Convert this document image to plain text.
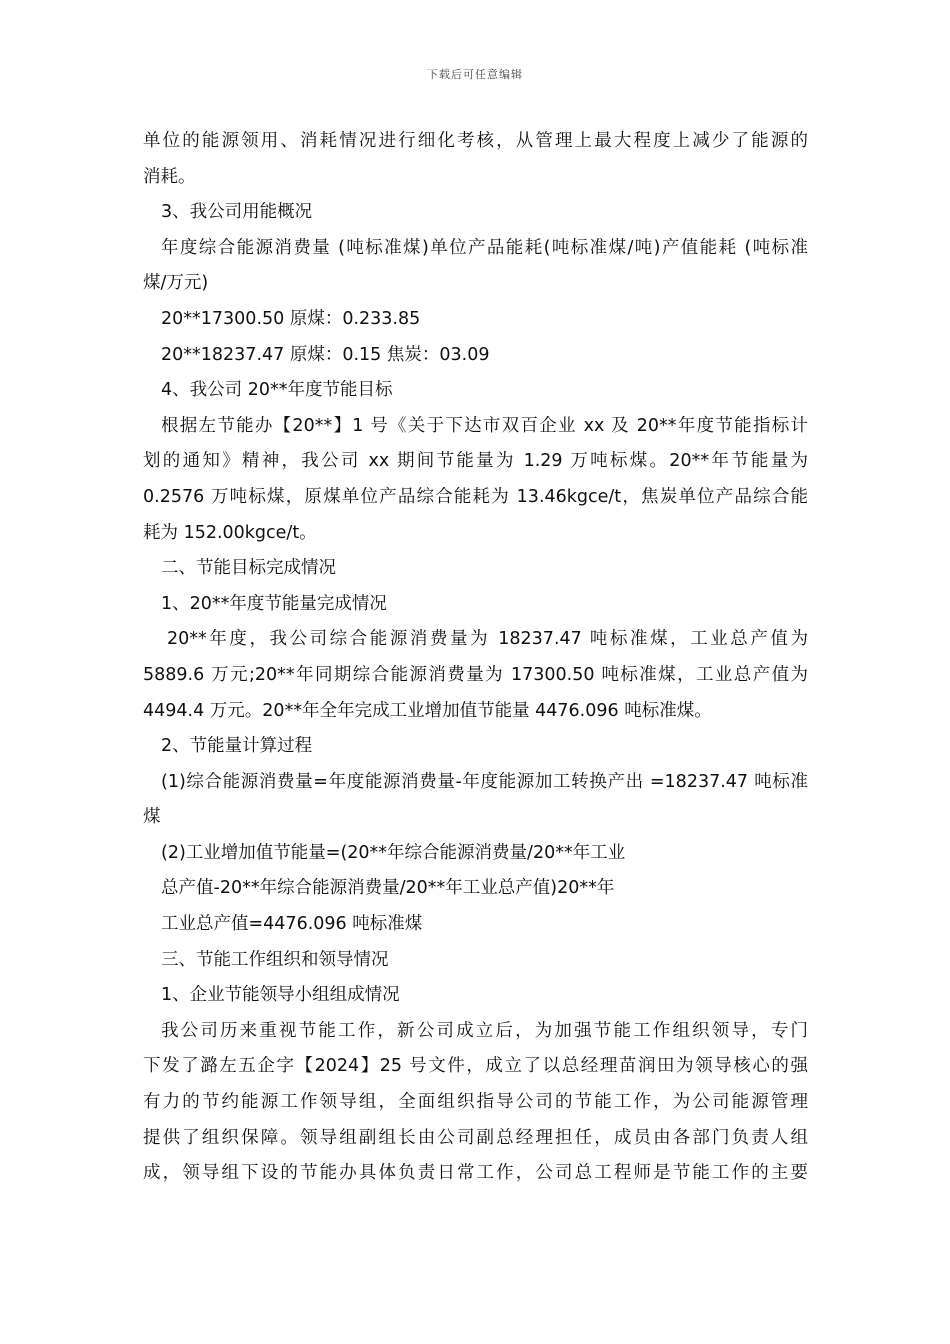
下载后可任意编辑
单位的能源领用、消耗情况进行细化考核，从管理上最大程度上减少了能源的
消耗。
3、我公司用能概况
年度综合能源消费量 (吨标准煤)单位产品能耗(吨标准煤/吨)产值能耗 (吨标准
煤/万元)
20**17300.50 原煤：0.233.85
20**18237.47 原煤：0.15 焦炭：03.09
4、我公司 20**年度节能目标
根据左节能办【20**】1 号《关于下达市双百企业 xx 及 20**年度节能指标计
划的通知》精神，我公司 xx 期间节能量为 1.29 万吨标煤。20**年节能量为
0.2576 万吨标煤，原煤单位产品综合能耗为 13.46kgce/t，焦炭单位产品综合能
耗为 152.00kgce/t。
二、节能目标完成情况
1、20**年度节能量完成情况
20**年度，我公司综合能源消费量为 18237.47 吨标准煤，工业总产值为
5889.6 万元;20**年同期综合能源消费量为 17300.50 吨标准煤，工业总产值为
4494.4 万元。20**年全年完成工业增加值节能量 4476.096 吨标准煤。
2、节能量计算过程
(1)综合能源消费量=年度能源消费量-年度能源加工转换产出 =18237.47 吨标准
煤
(2)工业增加值节能量=(20**年综合能源消费量/20**年工业
总产值-20**年综合能源消费量/20**年工业总产值)20**年
工业总产值=4476.096 吨标准煤
三、节能工作组织和领导情况
1、企业节能领导小组组成情况
我公司历来重视节能工作，新公司成立后，为加强节能工作组织领导，专门
下发了潞左五企字【2024】25 号文件，成立了以总经理苗润田为领导核心的强
有力的节约能源工作领导组，全面组织指导公司的节能工作，为公司能源管理
提供了组织保障。领导组副组长由公司副总经理担任，成员由各部门负责人组
成，领导组下设的节能办具体负责日常工作，公司总工程师是节能工作的主要
